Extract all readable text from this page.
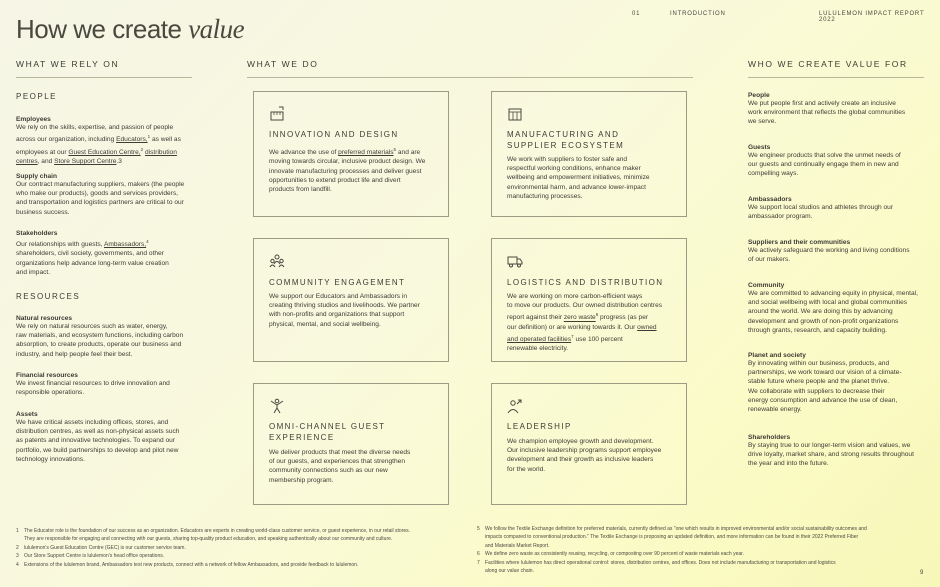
How we create value	01	INTRODUCTION	LULULEMON IMPACT REPORT 2022
WHAT WE RELY ON	WHAT WE DO	WHO WE CREATE VALUE FOR
PEOPLE
Employees
We rely on the skills, expertise, and passion of people
across our organization, including Educators,$^1$ as well as
employees at our Guest Education Centre,$^2$ distribution
centres, and Store Support Centre.3
Supply chain
Our contract manufacturing suppliers, makers (the people
who make our products), goods and services providers,
and transportation and logistics partners are critical to our
business success.
Stakeholders
Our relationships with guests, Ambassadors,$^4$
shareholders, civil society, governments, and other
organizations help advance long-term value creation
and impact.
RESOURCES
Natural resources
We rely on natural resources such as water, energy,
raw materials, and ecosystem functions, including carbon
absorption, to create products, operate our business and
industry, and help people feel their best.
Financial resources
We invest financial resources to drive innovation and
responsible operations.
Assets
We have critical assets including offices, stores, and
distribution centres, as well as non-physical assets such
as patents and innovative technologies. To expand our
portfolio, we build partnerships to develop and pilot new
technology innovations.
INNOVATION AND DESIGN
We advance the use of preferred materials$^5$ and are
moving towards circular, inclusive product design. We
innovate manufacturing processes and deliver guest
opportunities to extend product life and divert
products from landfill.
MANUFACTURING AND
SUPPLIER ECOSYSTEM
We work with suppliers to foster safe and
respectful working conditions, enhance maker
wellbeing and empowerment initiatives, minimize
environmental harm, and advance lower-impact
manufacturing processes.
COMMUNITY ENGAGEMENT
We support our Educators and Ambassadors in
creating thriving studios and livelihoods. We partner
with non-profits and organizations that support
physical, mental, and social wellbeing.
LOGISTICS AND DISTRIBUTION
We are working on more carbon-efficient ways
to move our products. Our owned distribution centres
report against their zero waste$^6$ progress (as per
our definition) or are working towards it. Our owned
and operated facilities$^7$ use 100 percent
renewable electricity.
OMNI-CHANNEL GUEST
EXPERIENCE
We deliver products that meet the diverse needs
of our guests, and experiences that strengthen
community connections such as our new
membership program.
LEADERSHIP
We champion employee growth and development.
Our inclusive leadership programs support employee
development and their growth as inclusive leaders
for the world.
People
We put people first and actively create an inclusive
work environment that reflects the global communities
we serve.
Guests
We engineer products that solve the unmet needs of
our guests and continually engage them in new and
compelling ways.
Ambassadors
We support local studios and athletes through our
ambassador program.
Suppliers and their communities
We actively safeguard the working and living conditions
of our makers.
Community
We are committed to advancing equity in physical, mental,
and social wellbeing with local and global communities
around the world. We are doing this by advancing
development and growth of non-profit organizations
through grants, research, and capacity building.
Planet and society
By innovating within our business, products, and
partnerships, we work toward our vision of a climate-
stable future where people and the planet thrive.
We collaborate with suppliers to decrease their
energy consumption and advance the use of clean,
renewable energy.
Shareholders
By staying true to our longer-term vision and values, we
drive loyalty, market share, and strong results throughout
the year and into the future.
1 The Educator role is the foundation of our success as an organization. Educators are experts in creating world-class customer service, or guest experience, in our retail stores.
They are responsible for engaging and connecting with our guests, sharing top-quality product education, and speaking authentically about our community and culture.
2 lululemon's Guest Education Centre (GEC) is our customer service team.
3 Our Store Support Centre is lululemon's head office operations.
4 Extensions of the lululemon brand, Ambassadors test new products, connect with a network of fellow Ambassadors, and provide feedback to lululemon.
5 We follow the Textile Exchange definition for preferred materials, currently defined as "one which results in improved environmental and/or social sustainability outcomes and
impacts compared to conventional production." The Textile Exchange is proposing an updated definition, and more information can be found in their 2022 Preferred Fiber
and Materials Market Report.
6 We define zero waste as consistently reusing, recycling, or composting over 90 percent of waste materials each year.
7 Facilities where lululemon has direct operational control: stores, distribution centres, and offices. Does not include manufacturing or transportation and logistics
along our value chain.	9
